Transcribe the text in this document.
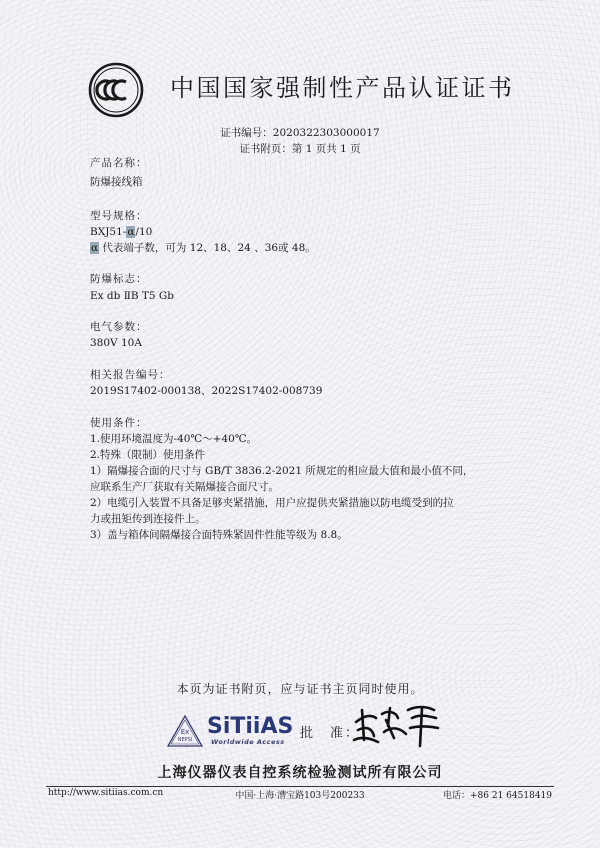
中国国家强制性产品认证证书
证书编号：2020322303000017
证书附页：第 1 页共 1 页
产品名称：
防爆接线箱
型号规格：
BXJ51-α/10
α 代表端子数，可为 12、18、24 、36或 48。
防爆标志：
Ex db ⅡB T5 Gb
电气参数：
380V 10A
相关报告编号：
2019S17402-000138、2022S17402-008739
使用条件：
1.使用环境温度为-40℃～+40℃。
2.特殊（限制）使用条件
1）隔爆接合面的尺寸与 GB/T 3836.2-2021 所规定的相应最大值和最小值不同，
应联系生产厂获取有关隔爆接合面尺寸。
2）电缆引入装置不具备足够夹紧措施，用户应提供夹紧措施以防电缆受到的拉
力或扭矩传到连接件上。
3）盖与箱体间隔爆接合面特殊紧固件性能等级为 8.8。
本页为证书附页，应与证书主页同时使用。
Ex
NEPSI
SiTiiAS
Worldwide Access
批　准：
上海仪器仪表自控系统检验测试所有限公司
http://www.sitiias.com.cn	中国·上海·漕宝路103号200233	电话：+86 21 64518419
